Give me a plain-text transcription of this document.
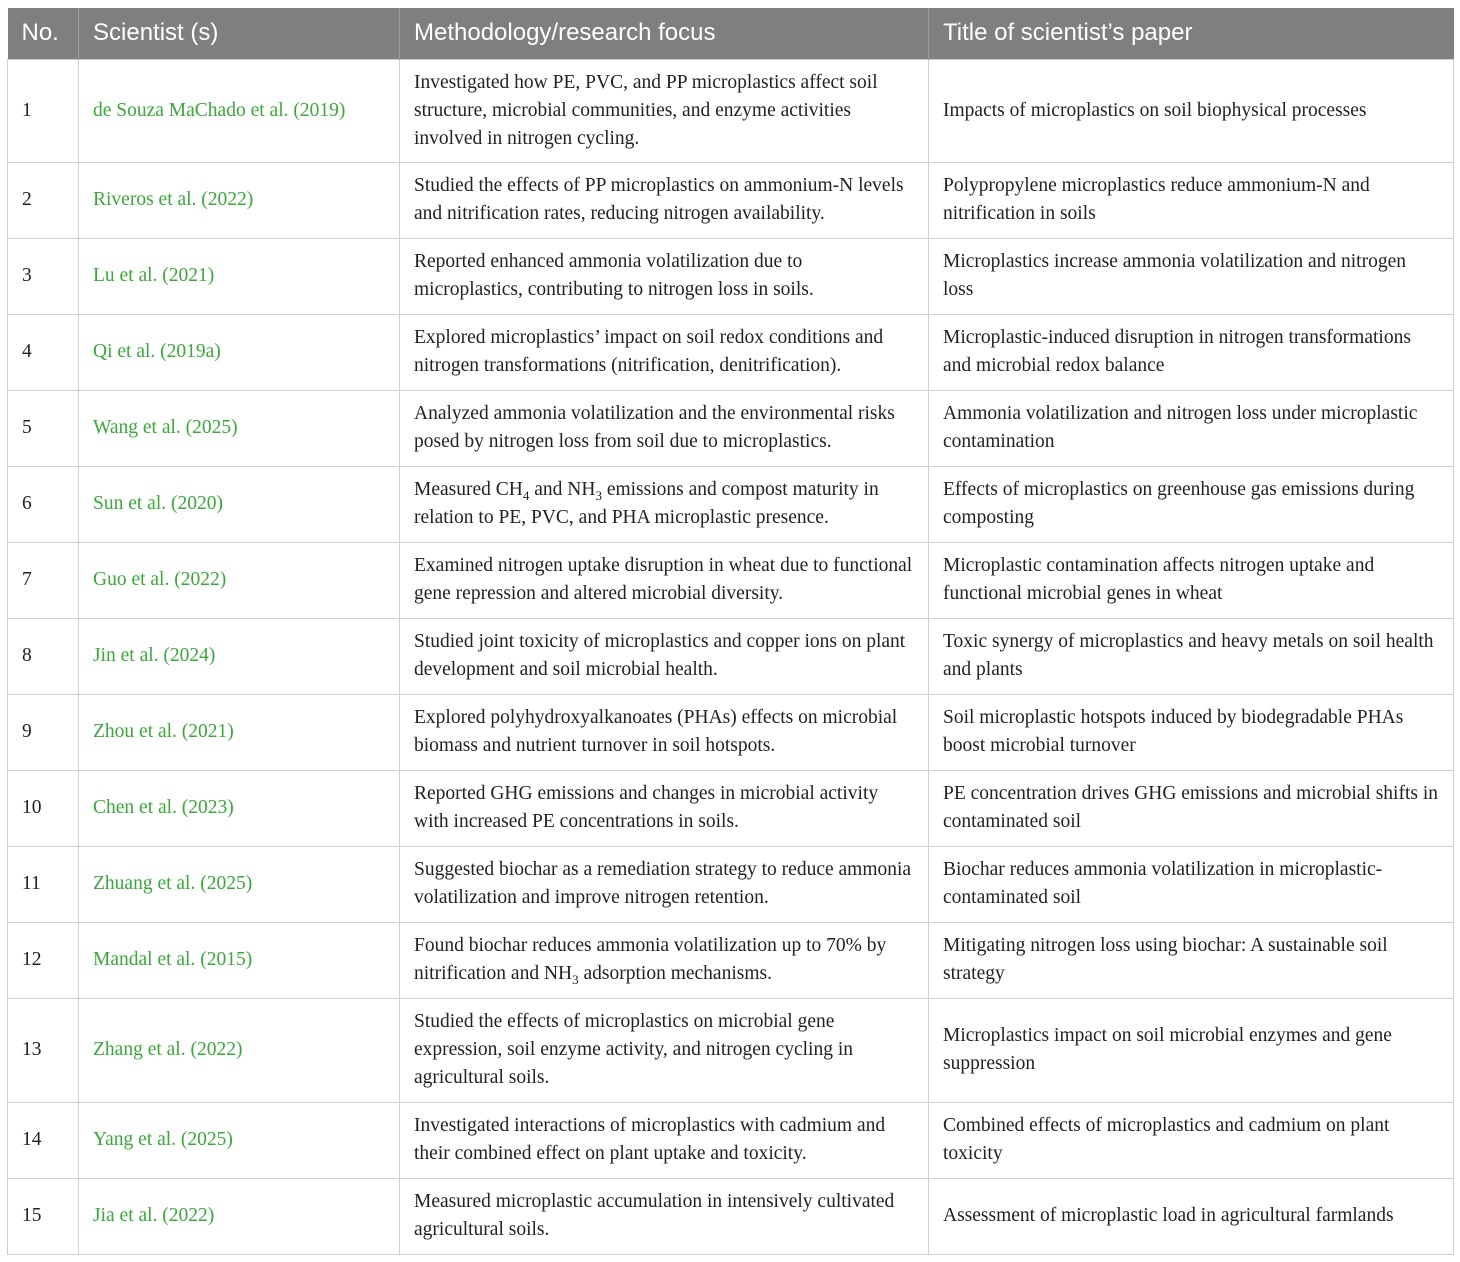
No.	Scientist (s)	Methodology/research focus	Title of scientist’s paper
1	de Souza MaChado et al. (2019)	Investigated how PE, PVC, and PP microplastics affect soil structure, microbial communities, and enzyme activities involved in nitrogen cycling.	Impacts of microplastics on soil biophysical processes
2	Riveros et al. (2022)	Studied the effects of PP microplastics on ammonium-N levels and nitrification rates, reducing nitrogen availability.	Polypropylene microplastics reduce ammonium-N and nitrification in soils
3	Lu et al. (2021)	Reported enhanced ammonia volatilization due to microplastics, contributing to nitrogen loss in soils.	Microplastics increase ammonia volatilization and nitrogen loss
4	Qi et al. (2019a)	Explored microplastics’ impact on soil redox conditions and nitrogen transformations (nitrification, denitrification).	Microplastic-induced disruption in nitrogen transformations and microbial redox balance
5	Wang et al. (2025)	Analyzed ammonia volatilization and the environmental risks posed by nitrogen loss from soil due to microplastics.	Ammonia volatilization and nitrogen loss under microplastic contamination
6	Sun et al. (2020)	Measured $CH_4$ and $NH_3$ emissions and compost maturity in relation to PE, PVC, and PHA microplastic presence.	Effects of microplastics on greenhouse gas emissions during composting
7	Guo et al. (2022)	Examined nitrogen uptake disruption in wheat due to functional gene repression and altered microbial diversity.	Microplastic contamination affects nitrogen uptake and functional microbial genes in wheat
8	Jin et al. (2024)	Studied joint toxicity of microplastics and copper ions on plant development and soil microbial health.	Toxic synergy of microplastics and heavy metals on soil health and plants
9	Zhou et al. (2021)	Explored polyhydroxyalkanoates (PHAs) effects on microbial biomass and nutrient turnover in soil hotspots.	Soil microplastic hotspots induced by biodegradable PHAs boost microbial turnover
10	Chen et al. (2023)	Reported GHG emissions and changes in microbial activity with increased PE concentrations in soils.	PE concentration drives GHG emissions and microbial shifts in contaminated soil
11	Zhuang et al. (2025)	Suggested biochar as a remediation strategy to reduce ammonia volatilization and improve nitrogen retention.	Biochar reduces ammonia volatilization in microplastic-contaminated soil
12	Mandal et al. (2015)	Found biochar reduces ammonia volatilization up to 70% by nitrification and $NH_3$ adsorption mechanisms.	Mitigating nitrogen loss using biochar: A sustainable soil strategy
13	Zhang et al. (2022)	Studied the effects of microplastics on microbial gene expression, soil enzyme activity, and nitrogen cycling in agricultural soils.	Microplastics impact on soil microbial enzymes and gene suppression
14	Yang et al. (2025)	Investigated interactions of microplastics with cadmium and their combined effect on plant uptake and toxicity.	Combined effects of microplastics and cadmium on plant toxicity
15	Jia et al. (2022)	Measured microplastic accumulation in intensively cultivated agricultural soils.	Assessment of microplastic load in agricultural farmlands
